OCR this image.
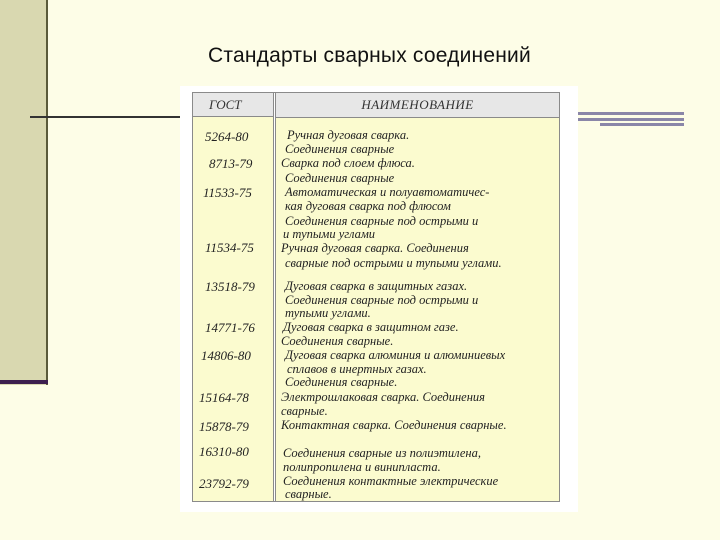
Стандарты сварных соединений
ГОСТ	НАИМЕНОВАНИЕ
5264-80
8713-79
11533-75
11534-75
13518-79
14771-76
14806-80
15164-78
15878-79
16310-80
23792-79
Ручная дуговая сварка.
Соединения сварные
Сварка под слоем флюса.
Соединения сварные
Автоматическая и полуавтоматичес-
кая дуговая сварка под флюсом
Соединения сварные под острыми и
и тупыми углами
Ручная дуговая сварка. Соединения
сварные под острыми и тупыми углами.
Дуговая сварка в защитных газах.
Соединения сварные под острыми и
тупыми углами.
Дуговая сварка в защитном газе.
Соединения сварные.
Дуговая сварка алюминия и алюминиевых
сплавов в инертных газах.
Соединения сварные.
Электрошлаковая сварка. Соединения
сварные.
Контактная сварка. Соединения сварные.
Соединения сварные из полиэтилена,
полипропилена и винипласта.
Соединения контактные электрические
сварные.
